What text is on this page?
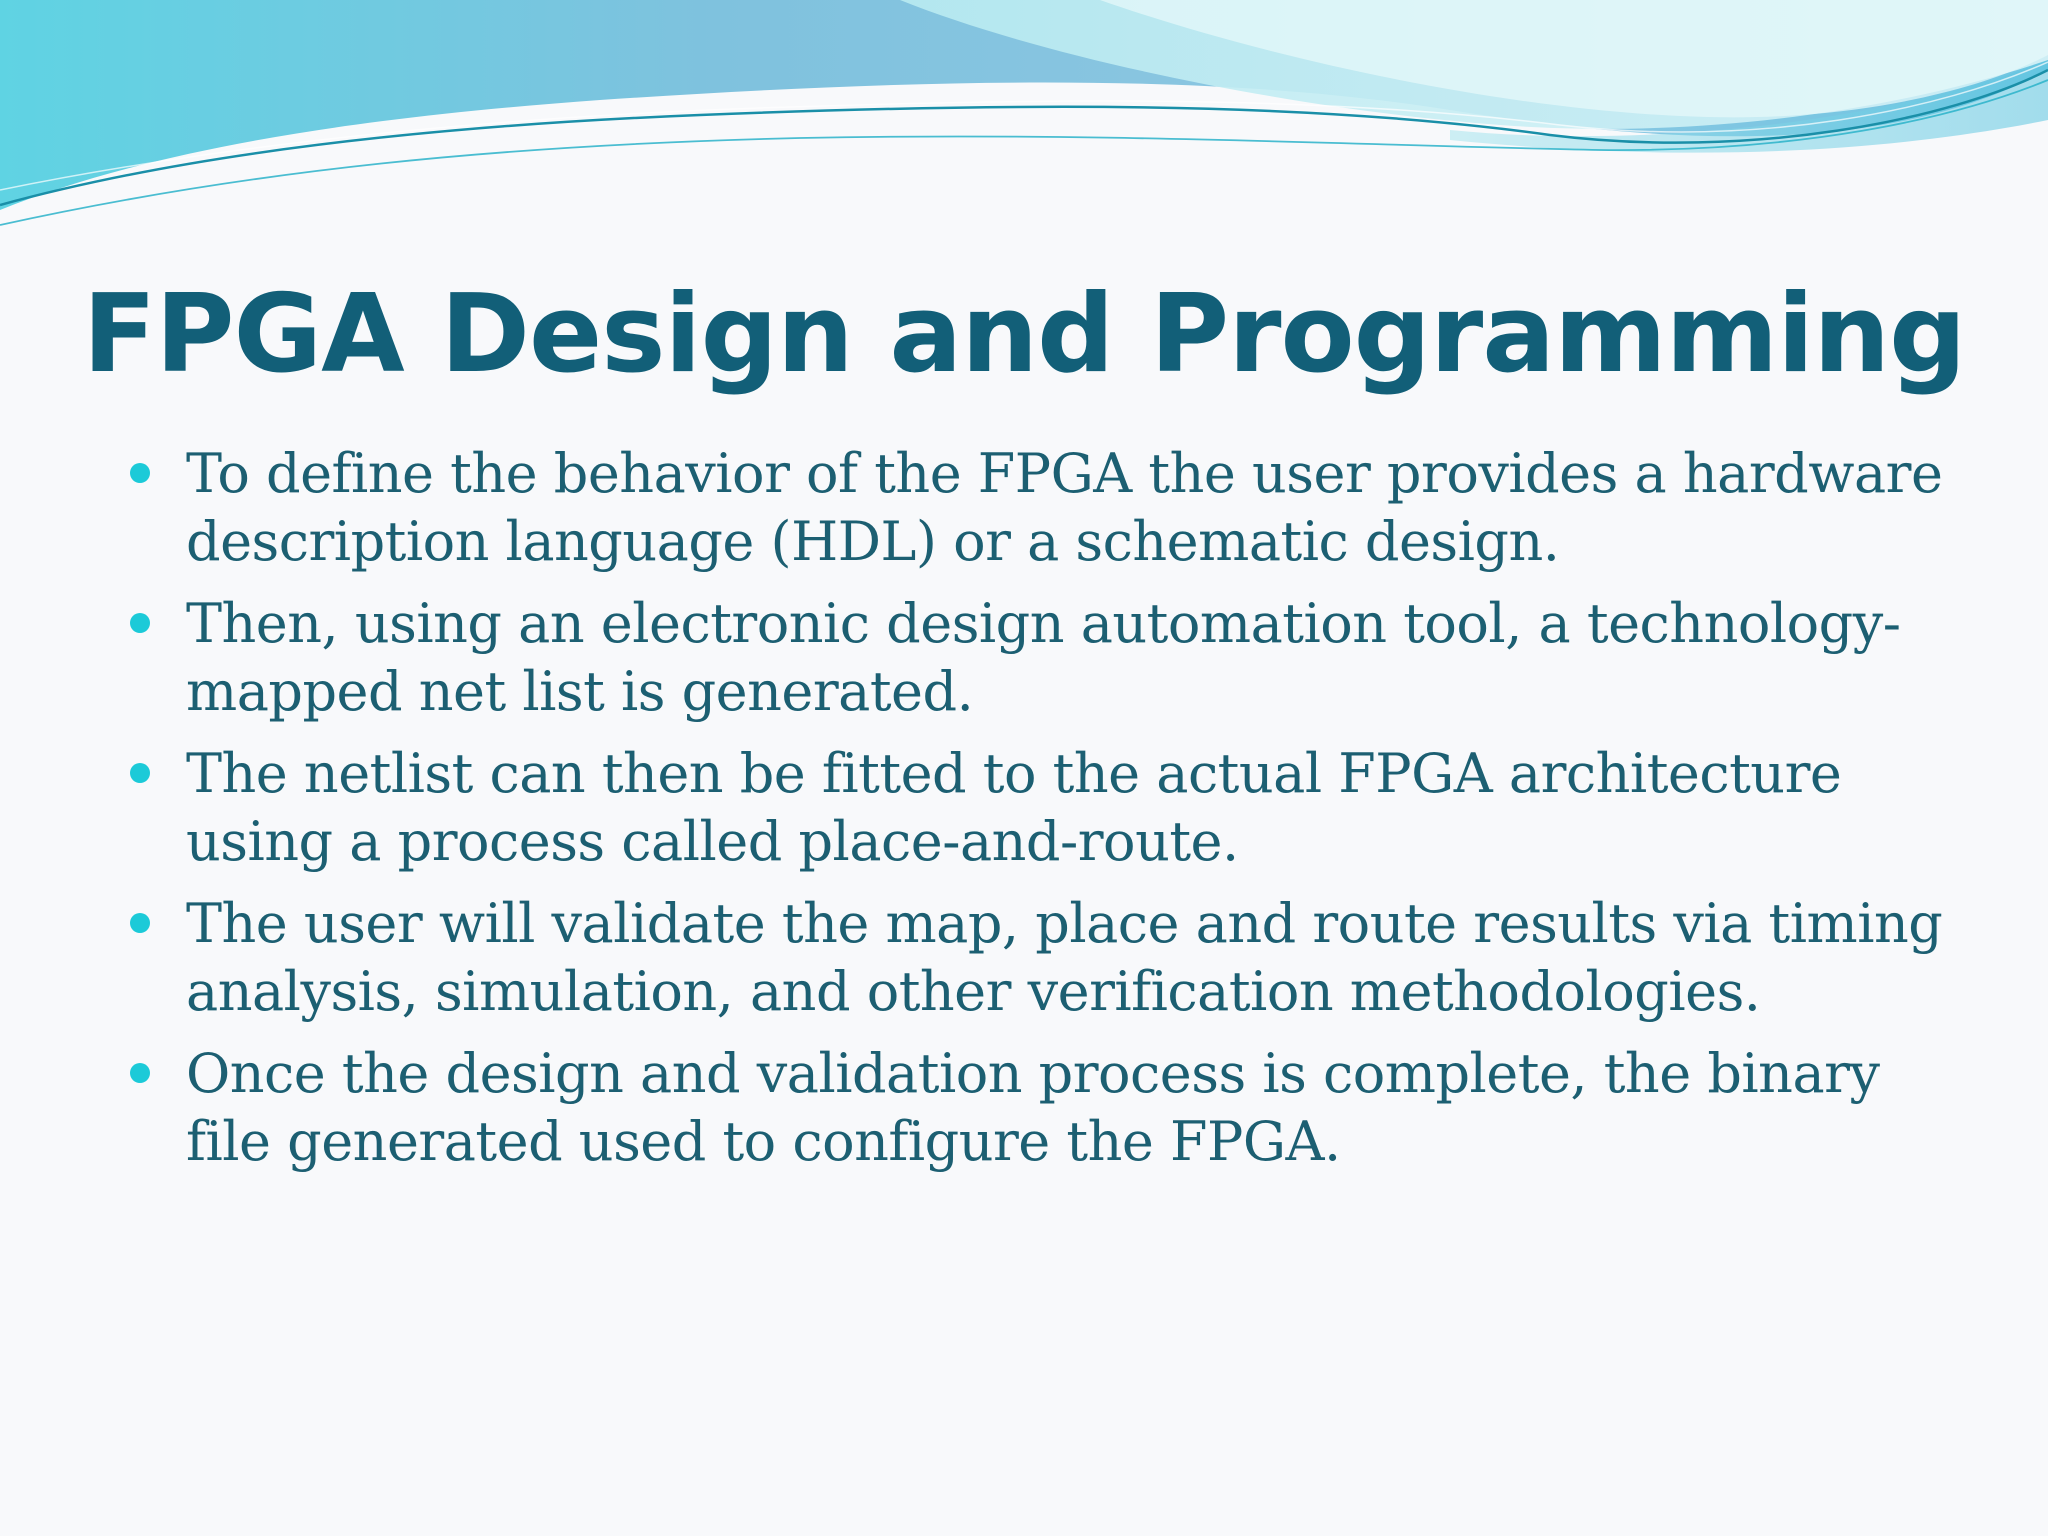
FPGA Design and Programming
To define the behavior of the FPGA the user provides a hardware description language (HDL) or a schematic design.
Then, using an electronic design automation tool, a technology-mapped net list is generated.
The netlist can then be fitted to the actual FPGA architecture using a process called place-and-route.
The user will validate the map, place and route results via timing analysis, simulation, and other verification methodologies.
Once the design and validation process is complete, the binary file generated used to configure the FPGA.
